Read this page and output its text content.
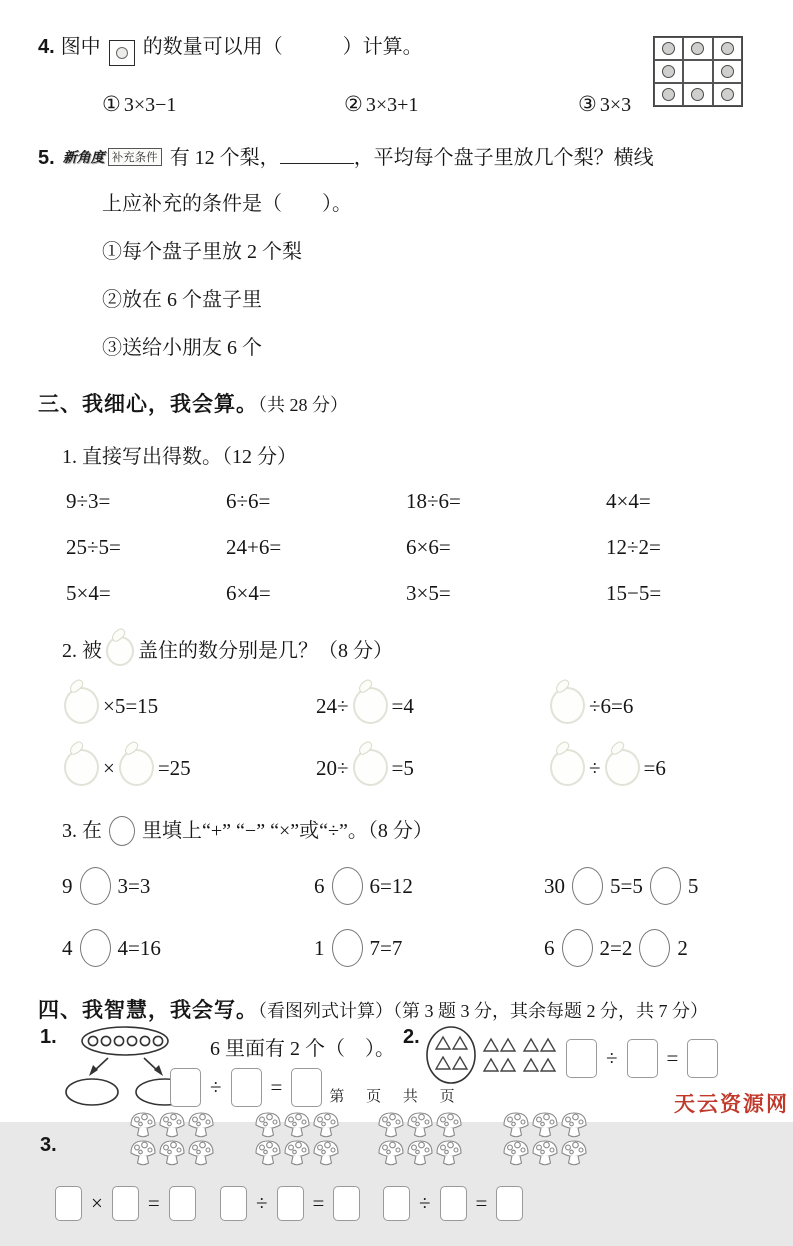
4. 图中 的数量可以用（　　　）计算。
① 3×3−1	② 3×3+1	③ 3×3
5. 新角度 补充条件 有 12 个梨，	，平均每个盘子里放几个梨？横线
上应补充的条件是（　　）。
①每个盘子里放 2 个梨
②放在 6 个盘子里
③送给小朋友 6 个
三、我细心，我会算。（共 28 分）
1. 直接写出得数。（12 分）
9÷3=	6÷6=	18÷6=	4×4=
25÷5=	24+6=	6×6=	12÷2=
5×4=	6×4=	3×5=	15−5=
2. 被 盖住的数分别是几？（8 分）
×5=15	24÷ =4	÷6=6
× =25	20÷ =5	÷ =6
3. 在 里填上“+” “−” “×”或“÷”。（8 分）
9 3=3	6 6=12	30 5=5 5
4 4=16	1 7=7	6 2=2 2
四、我智慧，我会写。（看图列式计算）（第 3 题 3 分，其余每题 2 分，共 7 分）
1.
6 里面有 2 个（　）。
÷ =
2.
÷ =
3.
× =	÷ =	÷ =
第 页 共 页	天云资源网
